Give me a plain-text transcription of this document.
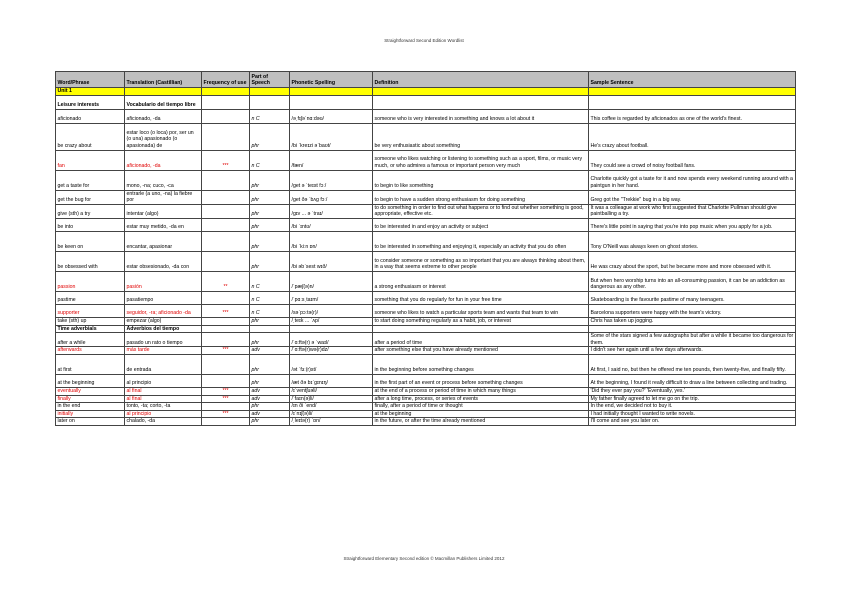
Straightforward Second Edition Wordlist
Word/Phrase	Translation (Castillian)	Frequency of use	Part of Speech	Phonetic Spelling	Definition	Sample Sentence
Unit 1						
Leisure interests	Vocabulario del tiempo libre					
aficionado	aficionado, -da		n C	/əˌfɪʃəˈnɑːdəʊ/	someone who is very interested in something and knows a lot about it	This coffee is regarded by aficionados as one of the world's finest.
be crazy about	estar loco (o loca) por, ser un (o una) apasionado (o apasionada) de		phr	/bi ˈkreɪzi əˈbaʊt/	be very enthusiastic about something	He's crazy about football.
fan	aficionado, -da	***	n C	/fæn/	someone who likes watching or listening to something such as a sport, films, or music very much, or who admires a famous or important person very much	They could see a crowd of noisy football fans.
get a taste for	mono, -na; cuco, -ca		phr	/ɡet ə ˈteɪst fɔː/	to begin to like something	Charlotte quickly got a taste for it and now spends every weekend running around with a paintgun in her hand.
get the bug for	entrarle (a uno, -na) la fiebre por		phr	/ɡet ðə ˈbʌɡ fɔː/	to begin to have a sudden strong enthusiasm for doing something	Greg got the "Trekkie" bug in a big way.
give (sth) a try	intentar (algo)		phr	/ɡɪv ... ə ˈtraɪ/	to do something in order to find out what happens or to find out whether something is good, appropriate, effective etc.	It was a colleague at work who first suggested that Charlotte Pullman should give paintballing a try.
be into	estar muy metido, -da en		phr	/bi ˈɪntʊ/	to be interested in and enjoy an activity or subject	There's little point in saying that you're into pop music when you apply for a job.
be keen on	encantar, apasionar		phr	/bi ˈkiːn ɒn/	to be interested in something and enjoying it, especially an activity that you do often	Tony O'Neill was always keen on ghost stories.
be obsessed with	estar obsesionado, -da con		phr	/bi əbˈsest wɪð/	to consider someone or something as so important that you are always thinking about them, in a way that seems extreme to other people	He was crazy about the sport, but he became more and more obsessed with it.
passion	pasión	**	n C	/ˈpæʃ(ə)n/	a strong enthusiasm or interest	But when hero worship turns into an all-consuming passion, it can be an addiction as dangerous as any other.
pastime	pasatiempo		n C	/ˈpɑːsˌtaɪm/	something that you do regularly for fun in your free time	Skateboarding is the favourite pastime of many teenagers.
supporter	seguidor, -ra; aficionado -da	***	n C	/səˈpɔːtə(r)/	someone who likes to watch a particular sports team and wants that team to win	Barcelona supporters were happy with the team's victory.
take (sth) up	empezar (algo)		phr	/ˌteɪk ... ˈʌp/	to start doing something regularly as a habit, job, or interest	Chris has taken up jogging.
Time adverbials	Adverbios del tiempo					
after a while	pasado un rato o tiempo		phr	/ˈɑːftə(r) ə ˈwaɪl/	after a period of time	Some of the stars signed a few autographs but after a while it became too dangerous for them.
afterwards	más tarde	***	adv	/ˈɑːftə(r)wə(r)dz/	after something else that you have already mentioned	I didn't see her again until a few days afterwards.
at first	de entrada		phr	/ət ˈfɜː(r)st/	in the beginning before something changes	At first, I said no, but then he offered me ten pounds, then twenty-five, and finally fifty.
at the beginning	al principio		phr	/æt ðə bɪˈɡɪnɪŋ/	in the first part of an event or process before something changes	At the beginning, I found it really difficult to draw a line between collecting and trading.
eventually	al final	***	adv	/ɪˈventʃuəli/	at the end of a process or period of time in which many things	'Did they ever pay you?' 'Eventually, yes.'
finally	al final	***	adv	/ˈfaɪn(ə)li/	after a long time, process, or series of events	My father finally agreed to let me go on the trip.
in the end	tonto, -ta; corto, -ta		phr	/ɪn ði ˈend/	finally, after a period of time or thought	In the end, we decided not to buy it.
initially	al principio	***	adv	/ɪˈnɪʃ(ə)li/	at the beginning	I had initially thought I wanted to write novels.
later on	chalado, -da		phr	/ˌleɪtə(r) ˈɒn/	in the future, or after the time already mentioned	I'll come and see you later on.
Straightforward Elementary Second edition © Macmillan Publishers Limited 2012
